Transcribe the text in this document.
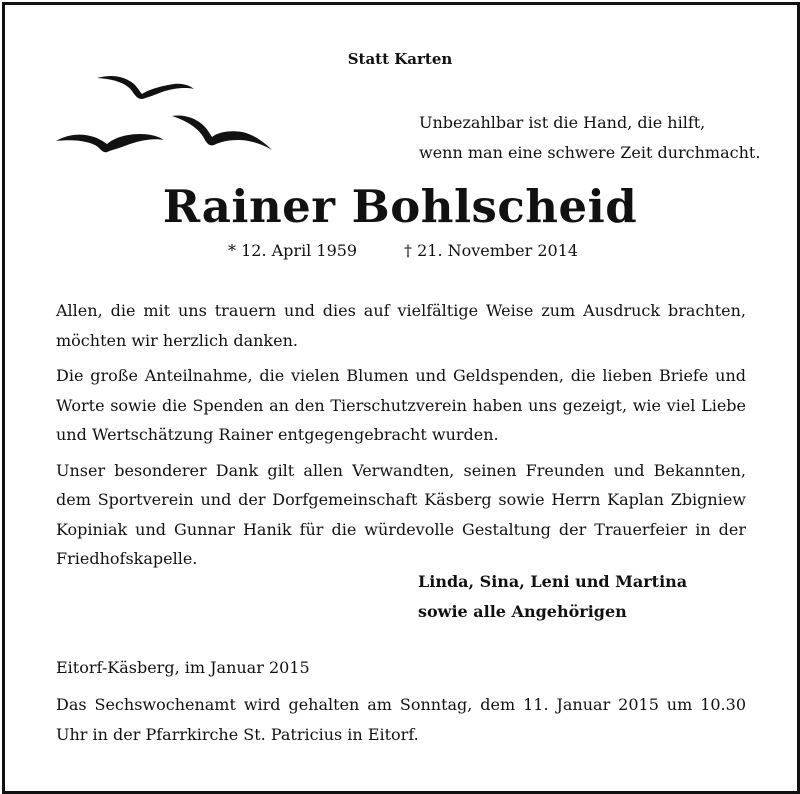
Statt Karten
Unbezahlbar ist die Hand, die hilft,
wenn man eine schwere Zeit durchmacht.
Rainer Bohlscheid
* 12. April 1959	† 21. November 2014

Allen, die mit uns trauern und dies auf vielfältige Weise zum Ausdruck brachten, möchten wir herzlich danken.

Die große Anteilnahme, die vielen Blumen und Geldspenden, die lieben Briefe und Worte sowie die Spenden an den Tierschutzverein haben uns gezeigt, wie viel Liebe und Wertschätzung Rainer entgegengebracht wurden.

Unser besonderer Dank gilt allen Verwandten, seinen Freunden und Bekannten, dem Sportverein und der Dorfgemeinschaft Käsberg sowie Herrn Kaplan Zbigniew Kopiniak und Gunnar Hanik für die würdevolle Gestaltung der Trauerfeier in der Friedhofskapelle.

Linda, Sina, Leni und Martina
sowie alle Angehörigen
Eitorf-Käsberg, im Januar 2015
Das Sechswochenamt wird gehalten am Sonntag, dem 11. Januar 2015 um 10.30 Uhr in der Pfarrkirche St. Patricius in Eitorf.
